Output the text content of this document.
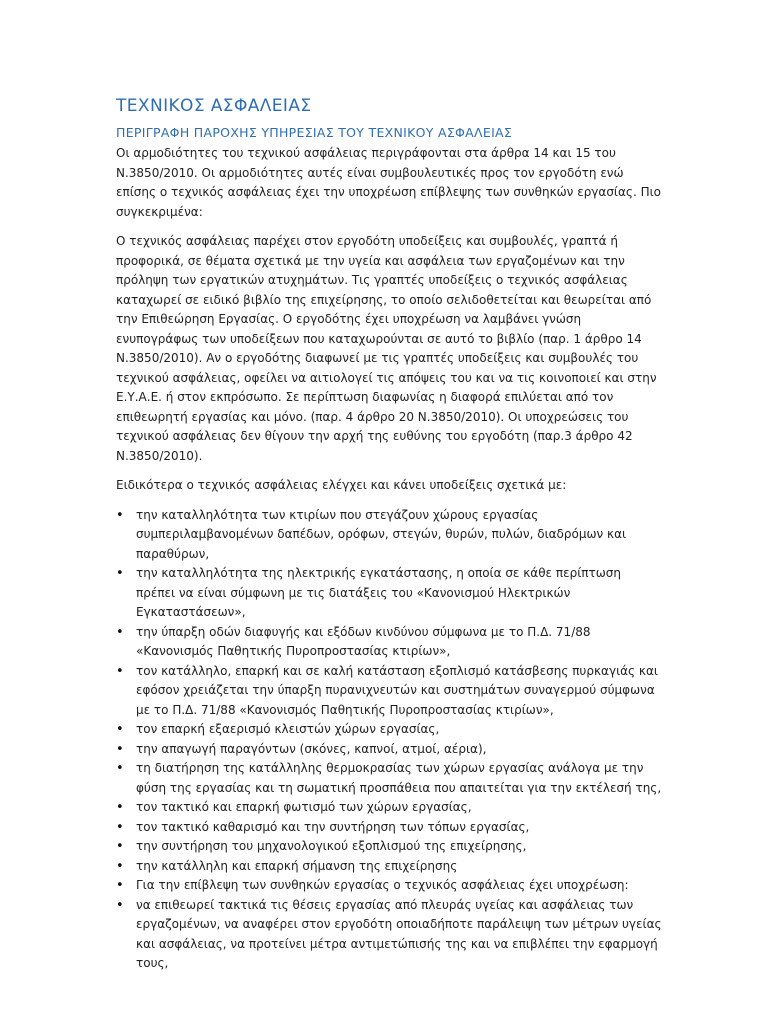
ΤΕΧΝΙΚΟΣ ΑΣΦΑΛΕΙΑΣ
ΠΕΡΙΓΡΑΦΗ ΠΑΡΟΧΗΣ ΥΠΗΡΕΣΙΑΣ ΤΟΥ ΤΕΧΝΙΚΟΥ ΑΣΦΑΛΕΙΑΣ

Οι αρμοδιότητες του τεχνικού ασφάλειας περιγράφονται στα άρθρα 14 και 15 του Ν.3850/2010. Οι αρμοδιότητες αυτές είναι συμβουλευτικές προς τον εργοδότη ενώ επίσης ο τεχνικός ασφάλειας έχει την υποχρέωση επίβλεψης των συνθηκών εργασίας. Πιο συγκεκριμένα:

Ο τεχνικός ασφάλειας παρέχει στον εργοδότη υποδείξεις και συμβουλές, γραπτά ή προφορικά, σε θέματα σχετικά με την υγεία και ασφάλεια των εργαζομένων και την πρόληψη των εργατικών ατυχημάτων. Τις γραπτές υποδείξεις ο τεχνικός ασφάλειας καταχωρεί σε ειδικό βιβλίο της επιχείρησης, το οποίο σελιδοθετείται και θεωρείται από την Επιθεώρηση Εργασίας. Ο εργοδότης έχει υποχρέωση να λαμβάνει γνώση ενυπογράφως των υποδείξεων που καταχωρούνται σε αυτό το βιβλίο (παρ. 1 άρθρο 14 Ν.3850/2010). Αν ο εργοδότης διαφωνεί με τις γραπτές υποδείξεις και συμβουλές του τεχνικού ασφάλειας, οφείλει να αιτιολογεί τις απόψεις του και να τις κοινοποιεί και στην Ε.Υ.Α.Ε. ή στον εκπρόσωπο. Σε περίπτωση διαφωνίας η διαφορά επιλύεται από τον επιθεωρητή εργασίας και μόνο. (παρ. 4 άρθρο 20 Ν.3850/2010). Οι υποχρεώσεις του τεχνικού ασφάλειας δεν θίγουν την αρχή της ευθύνης του εργοδότη (παρ.3 άρθρο 42 Ν.3850/2010).

Ειδικότερα ο τεχνικός ασφάλειας ελέγχει και κάνει υποδείξεις σχετικά με:

• την καταλληλότητα των κτιρίων που στεγάζουν χώρους εργασίας συμπεριλαμβανομένων δαπέδων, ορόφων, στεγών, θυρών, πυλών, διαδρόμων και παραθύρων,
• την καταλληλότητα της ηλεκτρικής εγκατάστασης, η οποία σε κάθε περίπτωση πρέπει να είναι σύμφωνη με τις διατάξεις του «Κανονισμού Ηλεκτρικών Εγκαταστάσεων»,
• την ύπαρξη οδών διαφυγής και εξόδων κινδύνου σύμφωνα με το Π.Δ. 71/88 «Κανονισμός Παθητικής Πυροπροστασίας κτιρίων»,
• τον κατάλληλο, επαρκή και σε καλή κατάσταση εξοπλισμό κατάσβεσης πυρκαγιάς και εφόσον χρειάζεται την ύπαρξη πυρανιχνευτών και συστημάτων συναγερμού σύμφωνα με το Π.Δ. 71/88 «Κανονισμός Παθητικής Πυροπροστασίας κτιρίων»,
• τον επαρκή εξαερισμό κλειστών χώρων εργασίας,
• την απαγωγή παραγόντων (σκόνες, καπνοί, ατμοί, αέρια),
• τη διατήρηση της κατάλληλης θερμοκρασίας των χώρων εργασίας ανάλογα με την φύση της εργασίας και τη σωματική προσπάθεια που απαιτείται για την εκτέλεσή της,
• τον τακτικό και επαρκή φωτισμό των χώρων εργασίας,
• τον τακτικό καθαρισμό και την συντήρηση των τόπων εργασίας,
• την συντήρηση του μηχανολογικού εξοπλισμού της επιχείρησης,
• την κατάλληλη και επαρκή σήμανση της επιχείρησης
• Για την επίβλεψη των συνθηκών εργασίας ο τεχνικός ασφάλειας έχει υποχρέωση:
• να επιθεωρεί τακτικά τις θέσεις εργασίας από πλευράς υγείας και ασφάλειας των εργαζομένων, να αναφέρει στον εργοδότη οποιαδήποτε παράλειψη των μέτρων υγείας και ασφάλειας, να προτείνει μέτρα αντιμετώπισής της και να επιβλέπει την εφαρμογή τους,
